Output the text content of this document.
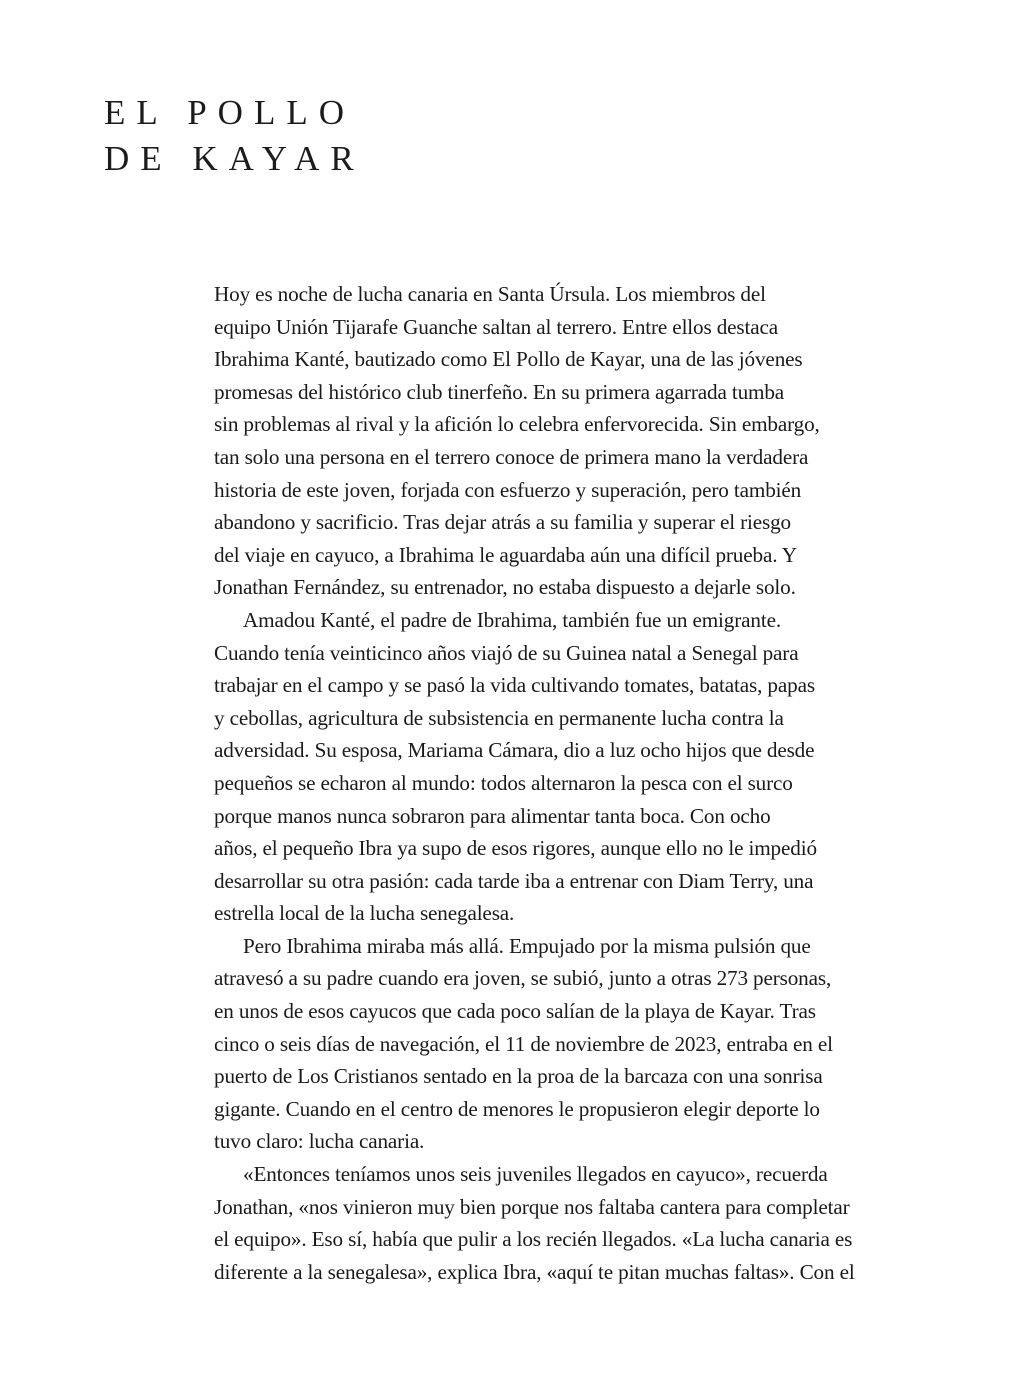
EL POLLO
DE KAYAR
Hoy es noche de lucha canaria en Santa Úrsula. Los miembros del
equipo Unión Tijarafe Guanche saltan al terrero. Entre ellos destaca
Ibrahima Kanté, bautizado como El Pollo de Kayar, una de las jóvenes
promesas del histórico club tinerfeño. En su primera agarrada tumba
sin problemas al rival y la afición lo celebra enfervorecida. Sin embargo,
tan solo una persona en el terrero conoce de primera mano la verdadera
historia de este joven, forjada con esfuerzo y superación, pero también
abandono y sacrificio. Tras dejar atrás a su familia y superar el riesgo
del viaje en cayuco, a Ibrahima le aguardaba aún una difícil prueba. Y
Jonathan Fernández, su entrenador, no estaba dispuesto a dejarle solo.
Amadou Kanté, el padre de Ibrahima, también fue un emigrante.
Cuando tenía veinticinco años viajó de su Guinea natal a Senegal para
trabajar en el campo y se pasó la vida cultivando tomates, batatas, papas
y cebollas, agricultura de subsistencia en permanente lucha contra la
adversidad. Su esposa, Mariama Cámara, dio a luz ocho hijos que desde
pequeños se echaron al mundo: todos alternaron la pesca con el surco
porque manos nunca sobraron para alimentar tanta boca. Con ocho
años, el pequeño Ibra ya supo de esos rigores, aunque ello no le impedió
desarrollar su otra pasión: cada tarde iba a entrenar con Diam Terry, una
estrella local de la lucha senegalesa.
Pero Ibrahima miraba más allá. Empujado por la misma pulsión que
atravesó a su padre cuando era joven, se subió, junto a otras 273 personas,
en unos de esos cayucos que cada poco salían de la playa de Kayar. Tras
cinco o seis días de navegación, el 11 de noviembre de 2023, entraba en el
puerto de Los Cristianos sentado en la proa de la barcaza con una sonrisa
gigante. Cuando en el centro de menores le propusieron elegir deporte lo
tuvo claro: lucha canaria.
«Entonces teníamos unos seis juveniles llegados en cayuco», recuerda
Jonathan, «nos vinieron muy bien porque nos faltaba cantera para completar
el equipo». Eso sí, había que pulir a los recién llegados. «La lucha canaria es
diferente a la senegalesa», explica Ibra, «aquí te pitan muchas faltas». Con el
